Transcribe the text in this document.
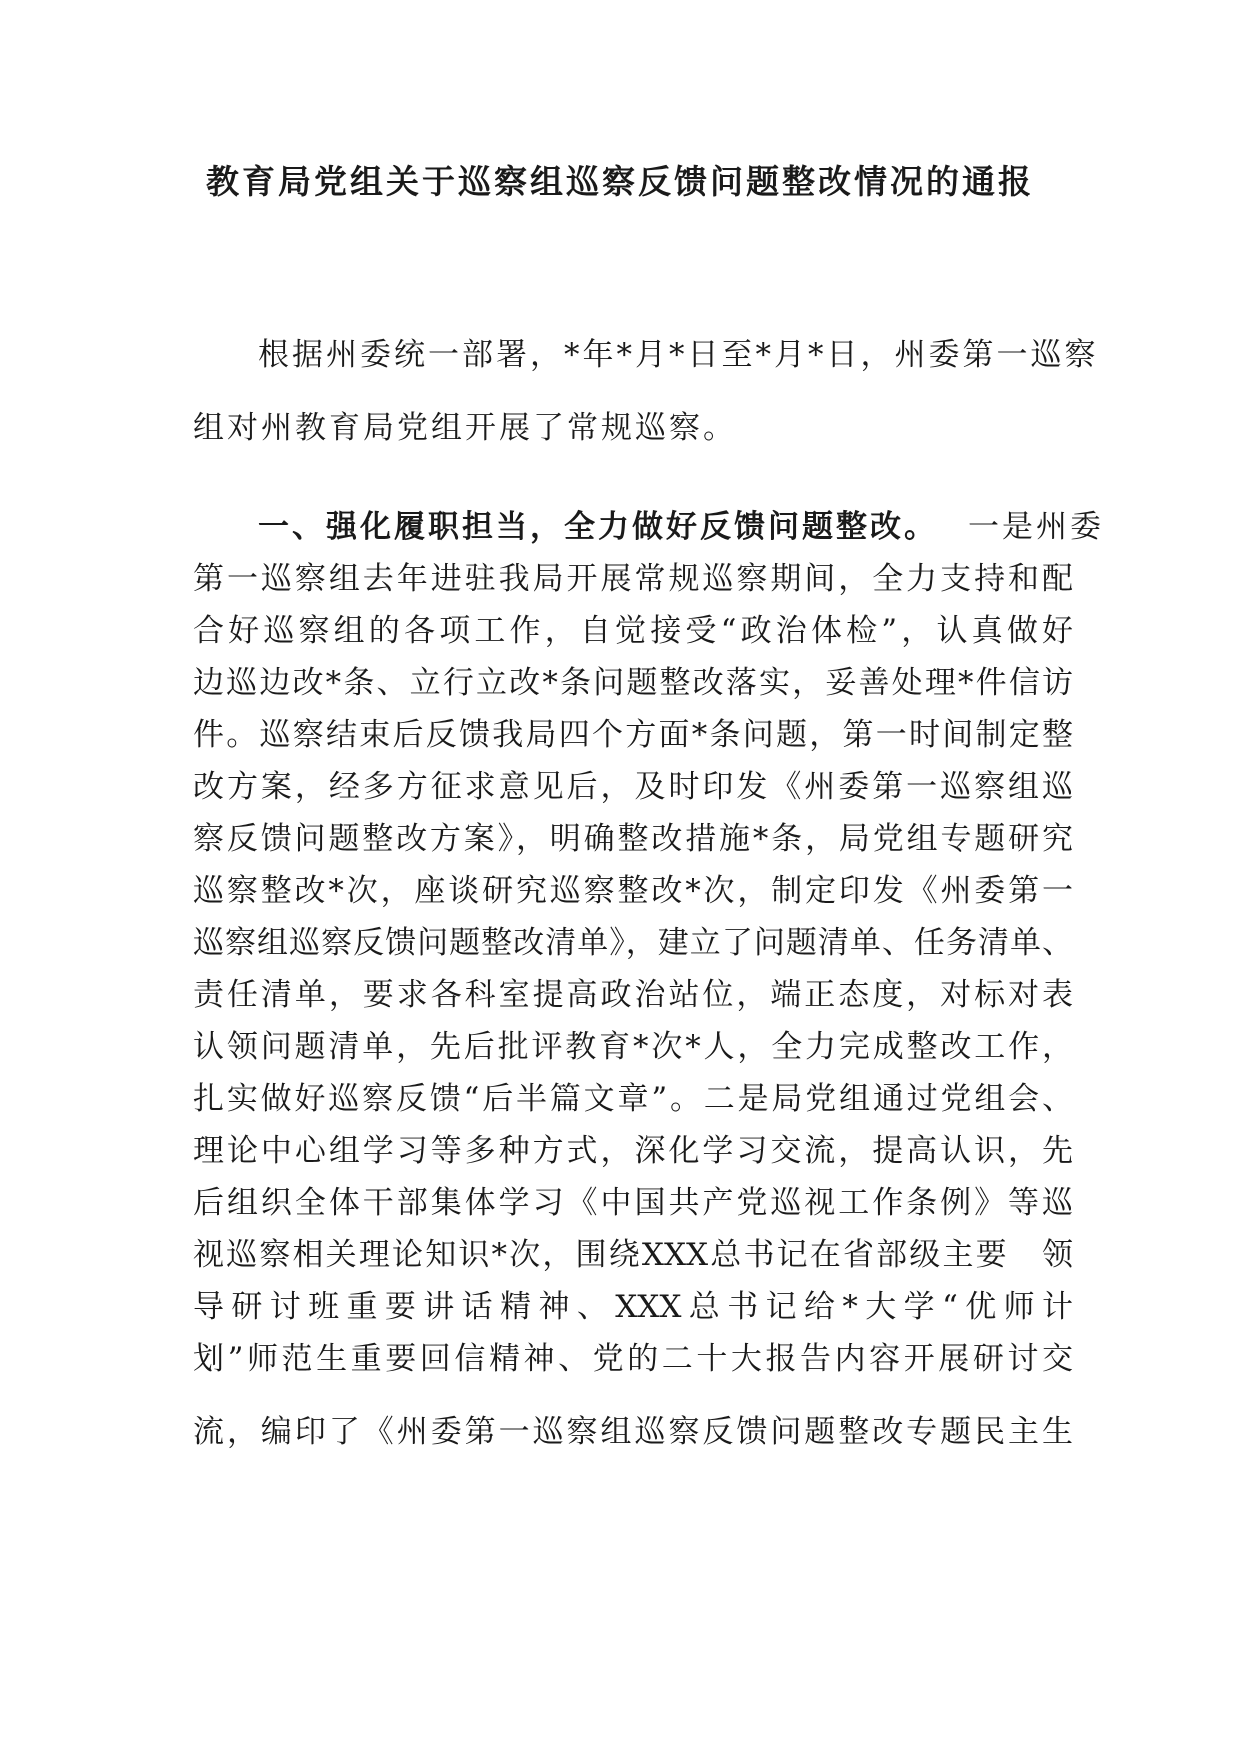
教育局党组关于巡察组巡察反馈问题整改情况的通报
根据州委统一部署，*年*月*日至*月*日，州委第一巡察
组对州教育局党组开展了常规巡察。
一、强化履职担当，全力做好反馈问题整改。 一是州委
第一巡察组去年进驻我局开展常规巡察期间，全力支持和配
合好巡察组的各项工作，自觉接受“政治体检”，认真做好
边巡边改*条、立行立改*条问题整改落实，妥善处理*件信访
件。巡察结束后反馈我局四个方面*条问题，第一时间制定整
改方案，经多方征求意见后，及时印发《州委第一巡察组巡
察反馈问题整改方案》，明确整改措施*条，局党组专题研究
巡察整改*次，座谈研究巡察整改*次，制定印发《州委第一
巡察组巡察反馈问题整改清单》，建立了问题清单、任务清单、
责任清单，要求各科室提高政治站位，端正态度，对标对表
认领问题清单，先后批评教育*次*人，全力完成整改工作，
扎实做好巡察反馈“后半篇文章”。二是局党组通过党组会、
理论中心组学习等多种方式，深化学习交流，提高认识，先
后组织全体干部集体学习《中国共产党巡视工作条例》等巡
视巡察相关理论知识*次，围绕XXX总书记在省部级主要　领
导研讨班重要讲话精神、XXX总书记给*大学“优师计
划”师范生重要回信精神、党的二十大报告内容开展研讨交
流，编印了《州委第一巡察组巡察反馈问题整改专题民主生
